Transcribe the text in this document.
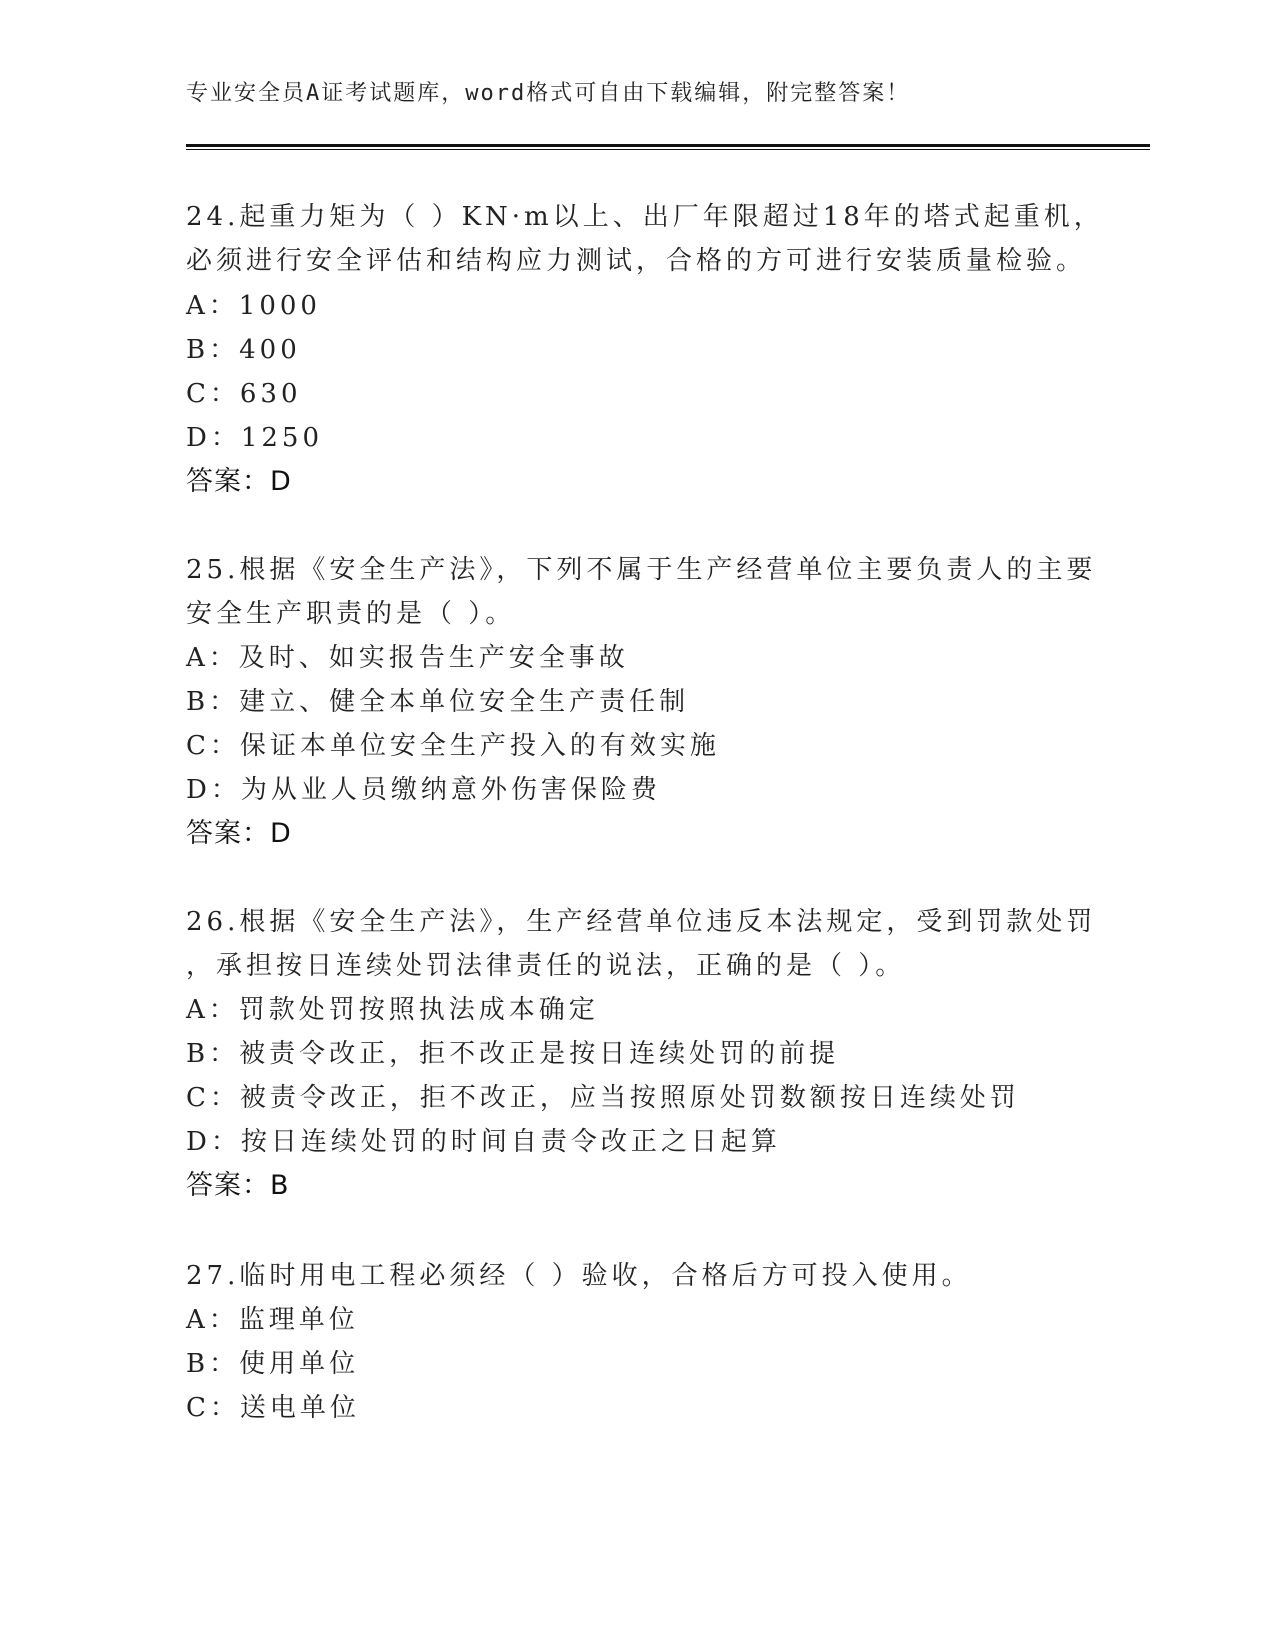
专业安全员A证考试题库，word格式可自由下载编辑，附完整答案！
24.起重力矩为（ ）KN·m以上、出厂年限超过18年的塔式起重机，
必须进行安全评估和结构应力测试，合格的方可进行安装质量检验。
A：1000
B：400
C：630
D：1250
答案：D
25.根据《安全生产法》，下列不属于生产经营单位主要负责人的主要
安全生产职责的是（ ）。
A：及时、如实报告生产安全事故
B：建立、健全本单位安全生产责任制
C：保证本单位安全生产投入的有效实施
D：为从业人员缴纳意外伤害保险费
答案：D
26.根据《安全生产法》，生产经营单位违反本法规定，受到罚款处罚
，承担按日连续处罚法律责任的说法，正确的是（ ）。
A：罚款处罚按照执法成本确定
B：被责令改正，拒不改正是按日连续处罚的前提
C：被责令改正，拒不改正，应当按照原处罚数额按日连续处罚
D：按日连续处罚的时间自责令改正之日起算
答案：B
27.临时用电工程必须经（ ）验收，合格后方可投入使用。
A：监理单位
B：使用单位
C：送电单位
